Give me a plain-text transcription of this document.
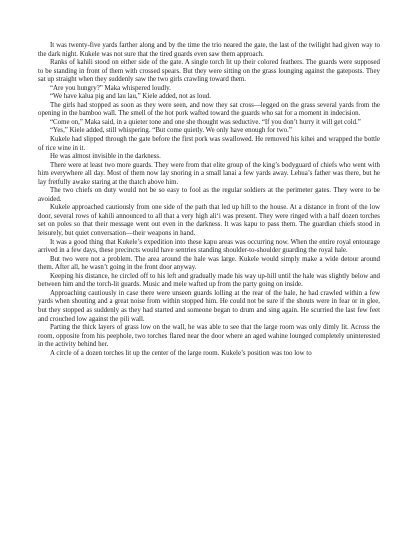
It was twenty-five yards farther along and by the time the trio neared the gate, the last of the twilight had given way to the dark night. Kukele was not sure that the tired guards even saw them approach.

Ranks of kahili stood on either side of the gate. A single torch lit up their colored feathers. The guards were supposed to be standing in front of them with crossed spears. But they were sitting on the grass lounging against the gateposts. They sat up straight when they suddenly saw the two girls crawling toward them.

“Are you hungry?” Maka whispered loudly.

“We have kalua pig and lau lau,” Kiele added, not as loud.

The girls had stopped as soon as they were seen, and now they sat cross—legged on the grass several yards from the opening in the bamboo wall. The smell of the hot pork wafted toward the guards who sat for a moment in indecision.

“Come on,” Maka said, in a quieter tone and one she thought was seductive. “If you don’t hurry it will get cold.”

“Yes,” Kiele added, still whispering. “But come quietly. We only have enough for two.”

Kukele had slipped through the gate before the first pork was swallowed. He removed his kihei and wrapped the bottle of rice wine in it.

He was almost invisible in the darkness.

There were at least two more guards. They were from that elite group of the king’s bodyguard of chiefs who went with him everywhere all day. Most of them now lay snoring in a small lanai a few yards away. Lehua’s father was there, but he lay fretfully awake staring at the thatch above him.

The two chiefs on duty would not be so easy to fool as the regular soldiers at the perimeter gates. They were to be avoided.

Kukele approached cautiously from one side of the path that led up hill to the house. At a distance in front of the low door, several rows of kahili announced to all that a very high ali‘i was present. They were ringed with a half dozen torches set on poles so that their message went out even in the darkness. It was kapu to pass them. The guardian chiefs stood in leisurely, but quiet conversation—their weapons in hand.

It was a good thing that Kukele’s expedition into these kapu areas was occurring now. When the entire royal entourage arrived in a few days, these precincts would have sentries standing shoulder-to-shoulder guarding the royal hale.

But two were not a problem. The area around the hale was large. Kukele would simply make a wide detour around them. After all, he wasn’t going in the front door anyway.

Keeping his distance, he circled off to his left and gradually made his way up-hill until the hale was slightly below and between him and the torch-lit guards. Music and mele wafted up from the party going on inside.

Approaching cautiously in case there were unseen guards lolling at the rear of the hale, he had crawled within a few yards when shouting and a great noise from within stopped him. He could not be sure if the shouts were in fear or in glee, but they stopped as suddenly as they had started and someone began to drum and sing again. He scurried the last few feet and crouched low against the pili wall.

Parting the thick layers of grass low on the wall, he was able to see that the large room was only dimly lit. Across the room, opposite from his peephole, two torches flared near the door where an aged wahine lounged completely uninterested in the activity behind her.

A circle of a dozen torches lit up the center of the large room. Kukele’s position was too low to
